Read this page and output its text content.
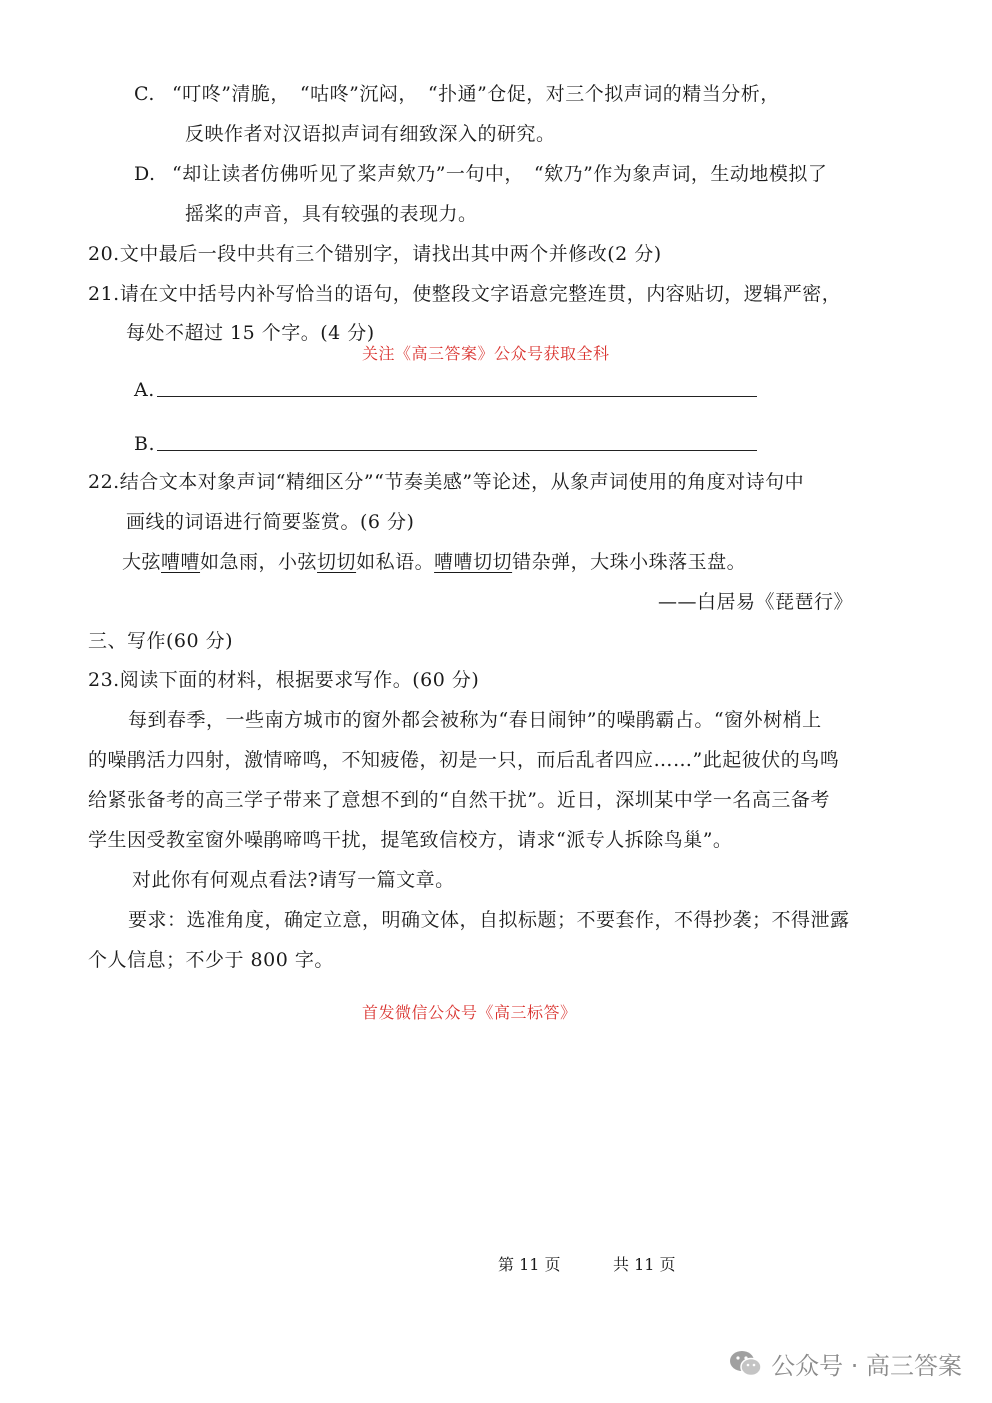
C. “叮咚”清脆，　“咕咚”沉闷，　“扑通”仓促，对三个拟声词的精当分析，
反映作者对汉语拟声词有细致深入的研究。
D. “却让读者仿佛听见了桨声欸乃”一句中，　“欸乃”作为象声词，生动地模拟了
摇桨的声音，具有较强的表现力。
20.文中最后一段中共有三个错别字，请找出其中两个并修改(2 分)
21.请在文中括号内补写恰当的语句，使整段文字语意完整连贯，内容贴切，逻辑严密，
每处不超过 15 个字。(4 分)
关注《高三答案》公众号获取全科
A.
B.
22.结合文本对象声词“精细区分”“节奏美感”等论述，从象声词使用的角度对诗句中
画线的词语进行简要鉴赏。(6 分)
大弦嘈嘈如急雨，小弦切切如私语。嘈嘈切切错杂弹，大珠小珠落玉盘。
——白居易《琵琶行》
三、写作(60 分)
23.阅读下面的材料，根据要求写作。(60 分)
每到春季，一些南方城市的窗外都会被称为“春日闹钟”的噪鹃霸占。“窗外树梢上
的噪鹃活力四射，激情啼鸣，不知疲倦，初是一只，而后乱者四应……”此起彼伏的鸟鸣
给紧张备考的高三学子带来了意想不到的“自然干扰”。近日，深圳某中学一名高三备考
学生因受教室窗外噪鹃啼鸣干扰，提笔致信校方，请求“派专人拆除鸟巢”。
对此你有何观点看法?请写一篇文章。
要求：选准角度，确定立意，明确文体，自拟标题；不要套作，不得抄袭；不得泄露
个人信息；不少于 800 字。
首发微信公众号《高三标答》
第 11 页	共 11 页
公众号 · 高三答案
